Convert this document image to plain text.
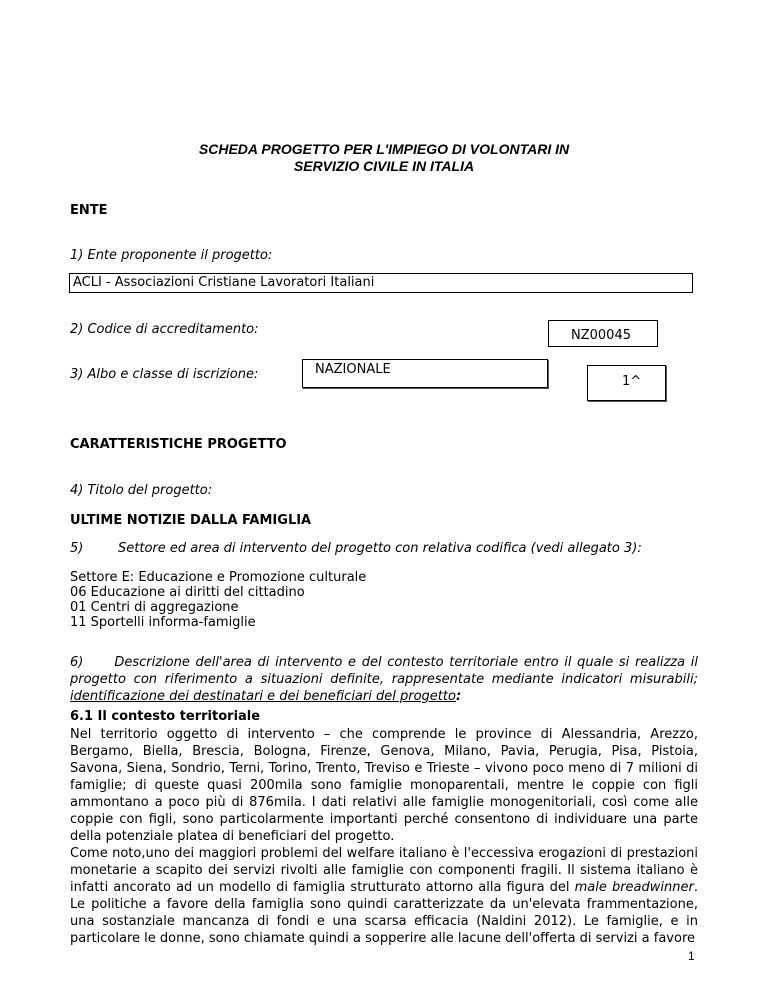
SCHEDA PROGETTO PER L'IMPIEGO DI VOLONTARI IN
SERVIZIO CIVILE IN ITALIA
ENTE
1) Ente proponente il progetto:
ACLI - Associazioni Cristiane Lavoratori Italiani
2) Codice di accreditamento:	NZ00045
3) Albo e classe di iscrizione:	NAZIONALE
1^
CARATTERISTICHE PROGETTO
4) Titolo del progetto:
ULTIME NOTIZIE DALLA FAMIGLIA
5)	Settore ed area di intervento del progetto con relativa codifica (vedi allegato 3):
Settore E: Educazione e Promozione culturale
06 Educazione ai diritti del cittadino
01 Centri di aggregazione
11 Sportelli informa-famiglie
6) Descrizione dell'area di intervento e del contesto territoriale entro il quale si realizza il progetto con riferimento a situazioni definite, rappresentate mediante indicatori misurabili; identificazione dei destinatari e dei beneficiari del progetto:
6.1 Il contesto territoriale

Nel territorio oggetto di intervento – che comprende le province di Alessandria, Arezzo, Bergamo, Biella, Brescia, Bologna, Firenze, Genova, Milano, Pavia, Perugia, Pisa, Pistoia, Savona, Siena, Sondrio, Terni, Torino, Trento, Treviso e Trieste – vivono poco meno di 7 milioni di famiglie; di queste quasi 200mila sono famiglie monoparentali, mentre le coppie con figli ammontano a poco più di 876mila. I dati relativi alle famiglie monogenitoriali, così come alle coppie con figli, sono particolarmente importanti perché consentono di individuare una parte della potenziale platea di beneficiari del progetto.

Come noto,uno dei maggiori problemi del welfare italiano è l'eccessiva erogazioni di prestazioni monetarie a scapito dei servizi rivolti alle famiglie con componenti fragili. Il sistema italiano è infatti ancorato ad un modello di famiglia strutturato attorno alla figura del male breadwinner. Le politiche a favore della famiglia sono quindi caratterizzate da un'elevata frammentazione, una sostanziale mancanza di fondi e una scarsa efficacia (Naldini 2012). Le famiglie, e in particolare le donne, sono chiamate quindi a sopperire alle lacune dell'offerta di servizi a favore

1
